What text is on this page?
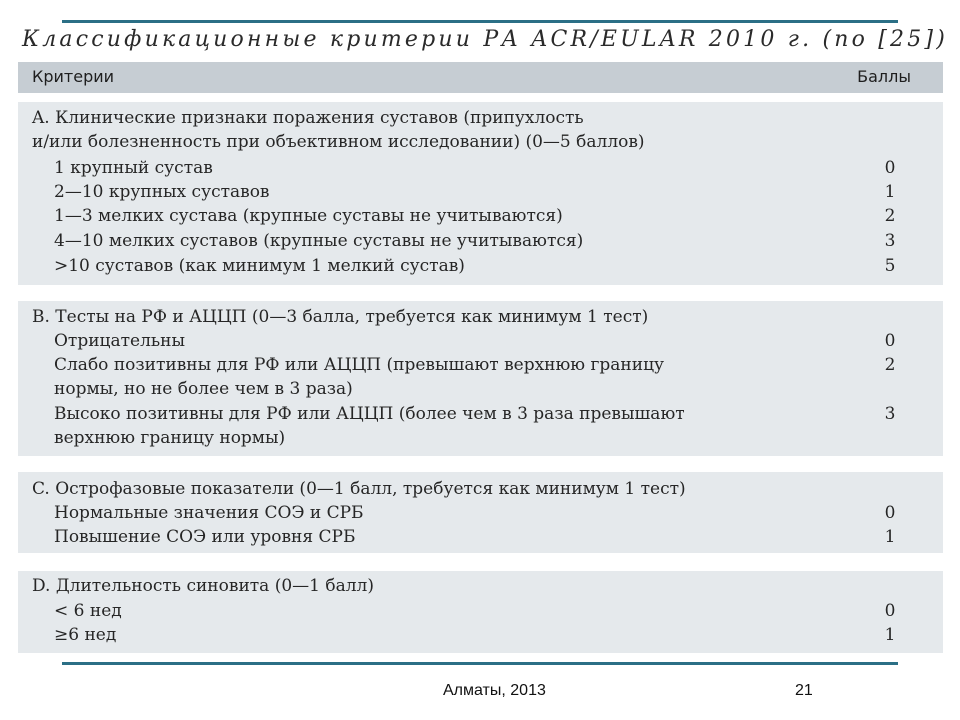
Классификационные критерии РА ACR/EULAR 2010 г. (по [25])
Критерии	Баллы
A. Клинические признаки поражения суставов (припухлость
и/или болезненность при объективном исследовании) (0—5 баллов)
1 крупный сустав	0
2—10 крупных суставов	1
1—3 мелких сустава (крупные суставы не учитываются)	2
4—10 мелких суставов (крупные суставы не учитываются)	3
>10 суставов (как минимум 1 мелкий сустав)	5
B. Тесты на РФ и АЦЦП (0—3 балла, требуется как минимум 1 тест)
Отрицательны	0
Слабо позитивны для РФ или АЦЦП (превышают верхнюю границу	2
нормы, но не более чем в 3 раза)
Высоко позитивны для РФ или АЦЦП (более чем в 3 раза превышают	3
верхнюю границу нормы)
C. Острофазовые показатели (0—1 балл, требуется как минимум 1 тест)
Нормальные значения СОЭ и СРБ	0
Повышение СОЭ или уровня СРБ	1
D. Длительность синовита (0—1 балл)
< 6 нед	0
≥6 нед	1
Алматы, 2013	21
